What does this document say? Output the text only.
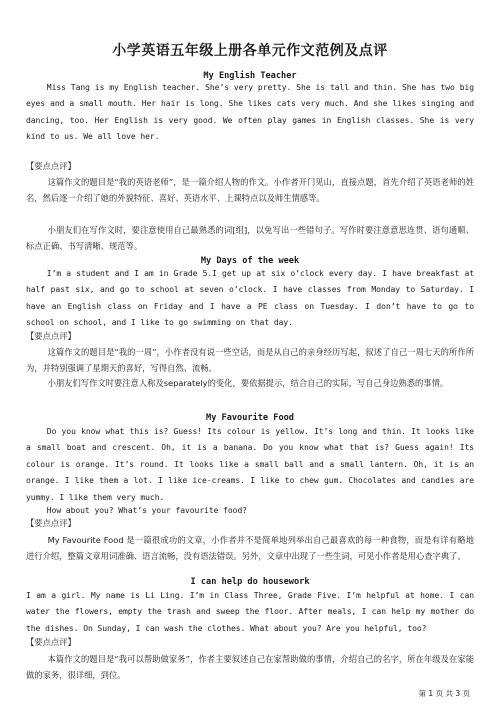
小学英语五年级上册各单元作文范例及点评
My English Teacher

Miss Tang is my English teacher. She’s very pretty. She is tall and thin. She has two big eyes and a small mouth. Her hair is long. She likes cats very much. And she likes singing and dancing, too. Her English is very good. We often play games in English classes. She is very kind to us. We all love her.

【要点点评】

这篇作文的题目是“我的英语老师”，是一篇介绍人物的作文。小作者开门见山，直接点题，首先介绍了英语老师的姓名，然后逐一介绍了她的外貌特征、喜好、英语水平、上课特点以及师生情感等。

小朋友们在写作文时，要注意使用自己最熟悉的词[组]，以免写出一些错句子。写作时要注意意思连贯、语句通顺、标点正确、书写清晰、规范等。

My Days of the week

I’m a student and I am in Grade 5.I get up at six o’clock every day. I have breakfast at half past six, and go to school at seven o’clock. I have classes from Monday to Saturday. I have an English class on Friday and I have a PE class on Tuesday. I don’t have to go to school on school, and I like to go swimming on that day.

【要点点评】

这篇作文的题目是“我的一周”，小作者没有说一些空话，而是从自己的亲身经历写起，叙述了自己一周七天的所作所为，并特别强调了星期天的喜好，写得自然、流畅。

小朋友们写作文时要注意人称及separately的变化，要依据提示，结合自己的实际，写自己身边熟悉的事情。

My Favourite Food

Do you know what this is? Guess! Its colour is yellow. It’s long and thin. It looks like a small boat and crescent. Oh, it is a banana. Do you know what that is? Guess again! Its colour is orange. It’s round. It looks like a small ball and a small lantern. Oh, it is an orange. I like them a lot. I like ice-creams. I like to chew gum. Chocolates and candies are yummy. I like them very much.

How about you? What’s your favourite food?

【要点点评】

My Favourite Food 是一篇很成功的文章，小作者并不是简单地列举出自己最喜欢的每一种食物，而是有详有略地进行介绍，整篇文章用词准确、语言流畅，没有语法错误。另外，文章中出现了一些生词，可见小作者是用心查字典了。

I can help do housework

I am a girl. My name is Li Ling. I’m in Class Three, Grade Five. I’m helpful at home. I can water the flowers, empty the trash and sweep the floor. After meals, I can help my mother do the dishes. On Sunday, I can wash the clothes. What about you? Are you helpful, too?

【要点点评】

本篇作文的题目是“我可以帮助做家务”，作者主要叙述自己在家帮助做的事情，介绍自己的名字，所在年级及在家能做的家务，很详细，到位。

第 1 页 共 3 页
